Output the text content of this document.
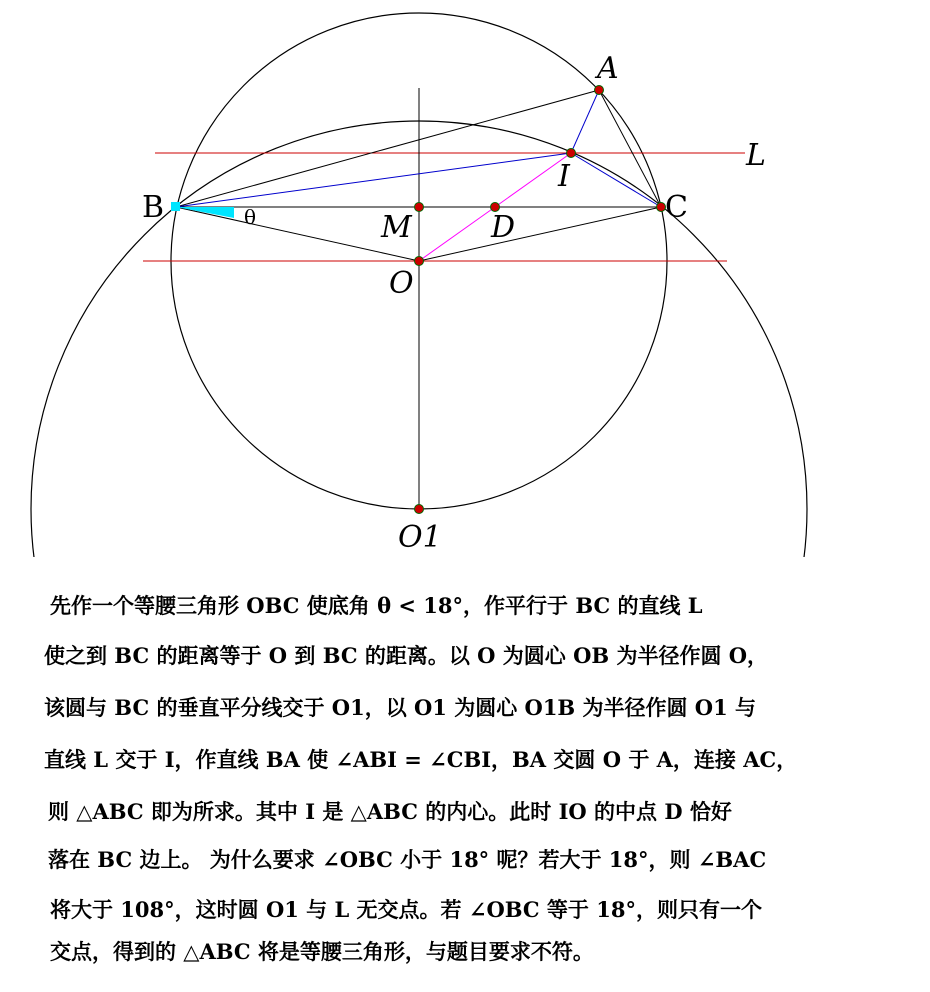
A
B	C
I
L
M	D
O
O1
θ
先作一个等腰三角形 OBC 使底角 θ < 18°，作平行于 BC 的直线 L
使之到 BC 的距离等于 O 到 BC 的距离。以 O 为圆心 OB 为半径作圆 O，
该圆与 BC 的垂直平分线交于 O1，以 O1 为圆心 O1B 为半径作圆 O1 与
直线 L 交于 I，作直线 BA 使 ∠ABI = ∠CBI，BA 交圆 O 于 A，连接 AC，
则 △ABC 即为所求。其中 I 是 △ABC 的内心。此时 IO 的中点 D 恰好
落在 BC 边上。 为什么要求 ∠OBC 小于 18° 呢？若大于 18°，则 ∠BAC
将大于 108°，这时圆 O1 与 L 无交点。若 ∠OBC 等于 18°，则只有一个
交点，得到的 △ABC 将是等腰三角形，与题目要求不符。
